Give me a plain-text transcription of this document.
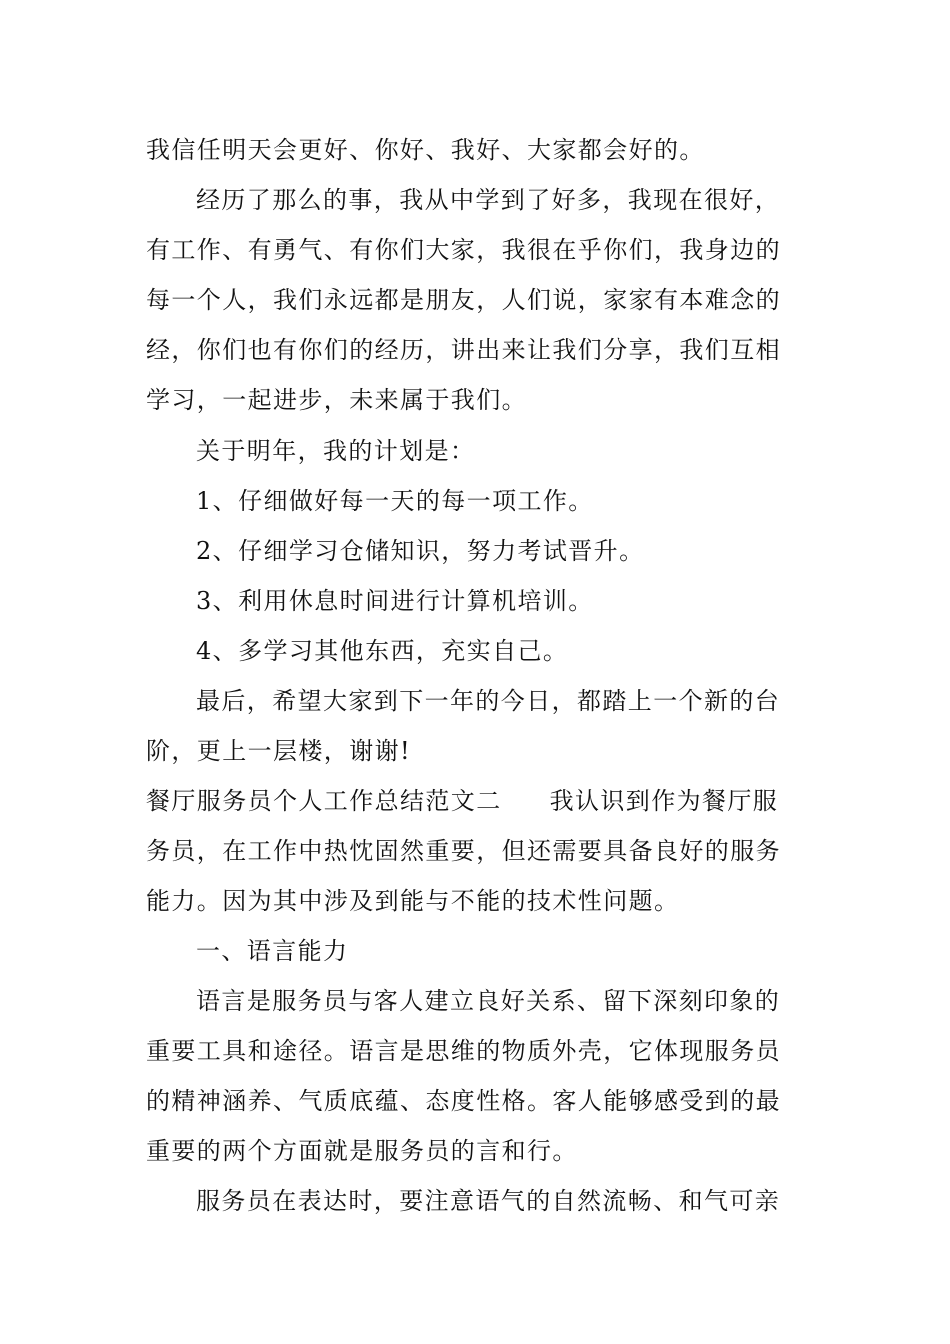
我信任明天会更好、你好、我好、大家都会好的。
经历了那么的事，我从中学到了好多，我现在很好，
有工作、有勇气、有你们大家，我很在乎你们，我身边的
每一个人，我们永远都是朋友，人们说，家家有本难念的
经，你们也有你们的经历，讲出来让我们分享，我们互相
学习，一起进步，未来属于我们。
关于明年，我的计划是：
1、仔细做好每一天的每一项工作。
2、仔细学习仓储知识，努力考试晋升。
3、利用休息时间进行计算机培训。
4、多学习其他东西，充实自己。
最后，希望大家到下一年的今日，都踏上一个新的台
阶，更上一层楼，谢谢!
餐厅服务员个人工作总结范文二 我认识到作为餐厅服
务员，在工作中热忱固然重要，但还需要具备良好的服务
能力。因为其中涉及到能与不能的技术性问题。
一、语言能力
语言是服务员与客人建立良好关系、留下深刻印象的
重要工具和途径。语言是思维的物质外壳，它体现服务员
的精神涵养、气质底蕴、态度性格。客人能够感受到的最
重要的两个方面就是服务员的言和行。
服务员在表达时，要注意语气的自然流畅、和气可亲
